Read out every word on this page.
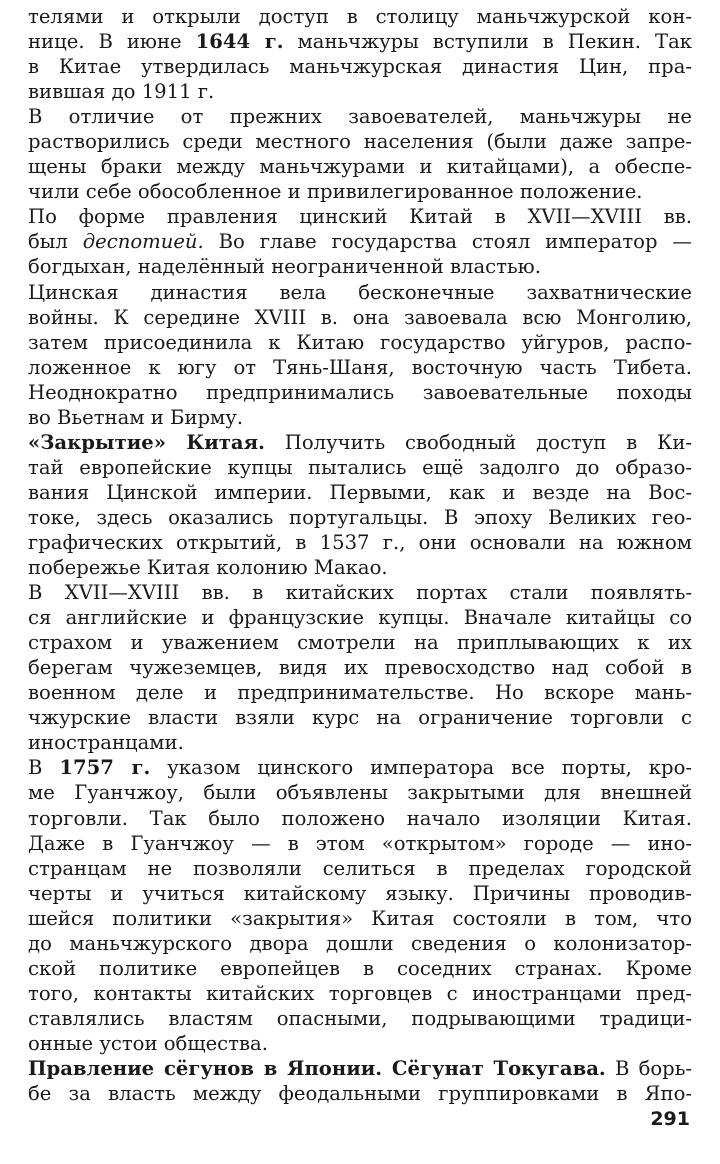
телями и открыли доступ в столицу маньчжурской кон-
нице. В июне 1644 г. маньчжуры вступили в Пекин. Так
в Китае утвердилась маньчжурская династия Цин, пра-
вившая до 1911 г.
В отличие от прежних завоевателей, маньчжуры не
растворились среди местного населения (были даже запре-
щены браки между маньчжурами и китайцами), а обеспе-
чили себе обособленное и привилегированное положение.
По форме правления цинский Китай в XVII—XVIII вв.
был деспотией. Во главе государства стоял император —
богдыхан, наделённый неограниченной властью.
Цинская династия вела бесконечные захватнические
войны. К середине XVIII в. она завоевала всю Монголию,
затем присоединила к Китаю государство уйгуров, распо-
ложенное к югу от Тянь-Шаня, восточную часть Тибета.
Неоднократно предпринимались завоевательные походы
во Вьетнам и Бирму.
«Закрытие» Китая. Получить свободный доступ в Ки-
тай европейские купцы пытались ещё задолго до образо-
вания Цинской империи. Первыми, как и везде на Вос-
токе, здесь оказались португальцы. В эпоху Великих гео-
графических открытий, в 1537 г., они основали на южном
побережье Китая колонию Макао.
В XVII—XVIII вв. в китайских портах стали появлять-
ся английские и французские купцы. Вначале китайцы со
страхом и уважением смотрели на приплывающих к их
берегам чужеземцев, видя их превосходство над собой в
военном деле и предпринимательстве. Но вскоре мань-
чжурские власти взяли курс на ограничение торговли с
иностранцами.
В 1757 г. указом цинского императора все порты, кро-
ме Гуанчжоу, были объявлены закрытыми для внешней
торговли. Так было положено начало изоляции Китая.
Даже в Гуанчжоу — в этом «открытом» городе — ино-
странцам не позволяли селиться в пределах городской
черты и учиться китайскому языку. Причины проводив-
шейся политики «закрытия» Китая состояли в том, что
до маньчжурского двора дошли сведения о колонизатор-
ской политике европейцев в соседних странах. Кроме
того, контакты китайских торговцев с иностранцами пред-
ставлялись властям опасными, подрывающими традици-
онные устои общества.
Правление сёгунов в Японии. Сёгунат Токугава. В борь-
бе за власть между феодальными группировками в Япо-
291
